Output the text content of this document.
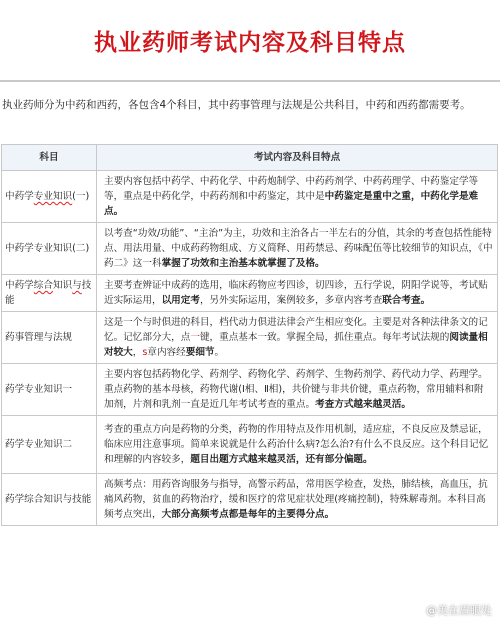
执业药师考试内容及科目特点
执业药师分为中药和西药，各包含4个科目，其中药事管理与法规是公共科目，中药和西药都需要考。
科目	考试内容及科目特点
中药学专业知识(一)	主要内容包括中药学、中药化学、中药炮制学、中药药剂学、中药药理学、中药鉴定学等等，重点是中药化学，中药药剂和中药鉴定，其中是中药鉴定是重中之重，中药化学是难点。
中药学专业知识(二)	以考查“功效/功能”、“主治”为主，功效和主治各占一半左右的分值，其余的考查包括性能特点、用法用量、中成药药物组成、方义简释、用药禁忌、药味配伍等比较细节的知识点，《中药二》这一科掌握了功效和主治基本就掌握了及格。
中药学综合知识与技能	主要考查辨证中成药的选用，临床药物应考四诊，切四诊，五行学说，阴阳学说等，考试贴近实际运用，以用定考，另外实际运用，案例较多，多章内容考查联合考查。
药事管理与法规	这是一个与时俱进的科目，档代动力俱进法律会产生相应变化。主要是对各种法律条文的记忆。记忆部分大，点一键，重点基本一致。掌握全局，抓住重点。每年考试法规的阅读量相对较大，s章内容经要细节。
药学专业知识一	主要内容包括药物化学、药剂学、药物化学、药剂学、生物药剂学、药代动力学、药理学。重点药物的基本母核，药物代谢(Ⅰ相、Ⅱ相)，共价键与非共价键，重点药物，常用辅料和附加剂，片剂和乳剂一直是近几年考试考查的重点。考查方式越来越灵活。
药学专业知识二	考查的重点方向是药物的分类，药物的作用特点及作用机制，适应症，不良反应及禁忌证，临床应用注意事项。简单来说就是什么药治什么病?怎么治?有什么不良反应。这个科目记忆和理解的内容较多，题目出题方式越来越灵活，还有部分偏题。
药学综合知识与技能	高频考点：用药咨询服务与指导，高警示药品，常用医学检查，发热，肺结核，高血压，抗痛风药物，贫血的药物治疗，缓和医疗的常见症状处理(疼痛控制)，特殊解毒剂。本科目高频考点突出，大部分高频考点都是每年的主要得分点。
@美在眉眼处
